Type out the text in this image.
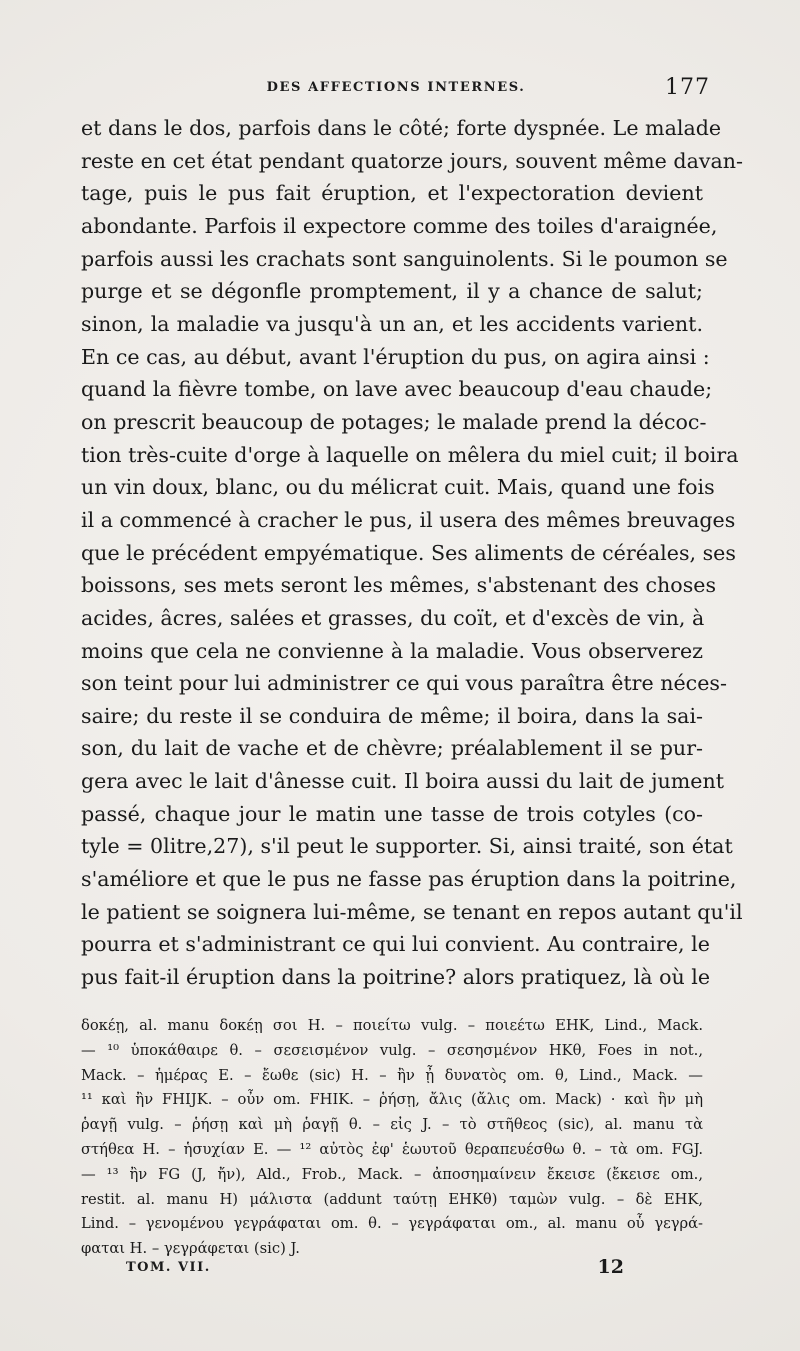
DES AFFECTIONS INTERNES.	177
et dans le dos, parfois dans le côté; forte dyspnée. Le malade
reste en cet état pendant quatorze jours, souvent même davan-
tage, puis le pus fait éruption, et l'expectoration devient
abondante. Parfois il expectore comme des toiles d'araignée,
parfois aussi les crachats sont sanguinolents. Si le poumon se
purge et se dégonfle promptement, il y a chance de salut;
sinon, la maladie va jusqu'à un an, et les accidents varient.
En ce cas, au début, avant l'éruption du pus, on agira ainsi :
quand la fièvre tombe, on lave avec beaucoup d'eau chaude;
on prescrit beaucoup de potages; le malade prend la décoc-
tion très-cuite d'orge à laquelle on mêlera du miel cuit; il boira
un vin doux, blanc, ou du mélicrat cuit. Mais, quand une fois
il a commencé à cracher le pus, il usera des mêmes breuvages
que le précédent empyématique. Ses aliments de céréales, ses
boissons, ses mets seront les mêmes, s'abstenant des choses
acides, âcres, salées et grasses, du coït, et d'excès de vin, à
moins que cela ne convienne à la maladie. Vous observerez
son teint pour lui administrer ce qui vous paraîtra être néces-
saire; du reste il se conduira de même; il boira, dans la sai-
son, du lait de vache et de chèvre; préalablement il se pur-
gera avec le lait d'ânesse cuit. Il boira aussi du lait de jument
passé, chaque jour le matin une tasse de trois cotyles (co-
tyle = 0litre,27), s'il peut le supporter. Si, ainsi traité, son état
s'améliore et que le pus ne fasse pas éruption dans la poitrine,
le patient se soignera lui-même, se tenant en repos autant qu'il
pourra et s'administrant ce qui lui convient. Au contraire, le
pus fait-il éruption dans la poitrine? alors pratiquez, là où le
δοκέῃ, al. manu δοκέῃ σοι H. – ποιείτω vulg. – ποιεέτω EHK, Lind., Mack.
— ¹⁰ ὑποκάθαιρε θ. – σεσεισμένον vulg. – σεσησμένον HKθ, Foes in not.,
Mack. – ἡμέρας E. – ἔωθε (sic) H. – ἢν ᾖ δυνατὸς om. θ, Lind., Mack. —
¹¹ καὶ ἢν FHIJK. – οὖν om. FHIK. – ῥήσῃ, ἄλις (ἄλις om. Mack) · καὶ ἢν μὴ
ῥαγῇ vulg. – ῥήσῃ καὶ μὴ ῥαγῇ θ. – εἰς J. – τὸ στῆθεος (sic), al. manu τὰ
στήθεα H. – ἡσυχίαν E. — ¹² αὐτὸς ἐφ' ἑωυτοῦ θεραπευέσθω θ. – τὰ om. FGJ.
— ¹³ ἢν FG (J, ἤν), Ald., Frob., Mack. – ἀποσημαίνειν ἔκεισε (ἔκεισε om.,
restit. al. manu H) μάλιστα (addunt ταύτῃ EHKθ) ταμὼν vulg. – δὲ EHK,
Lind. – γενομένου γεγράφαται om. θ. – γεγράφαται om., al. manu οὗ γεγρά-
φαται H. – γεγράφεται (sic) J.
TOM. VII.	12
